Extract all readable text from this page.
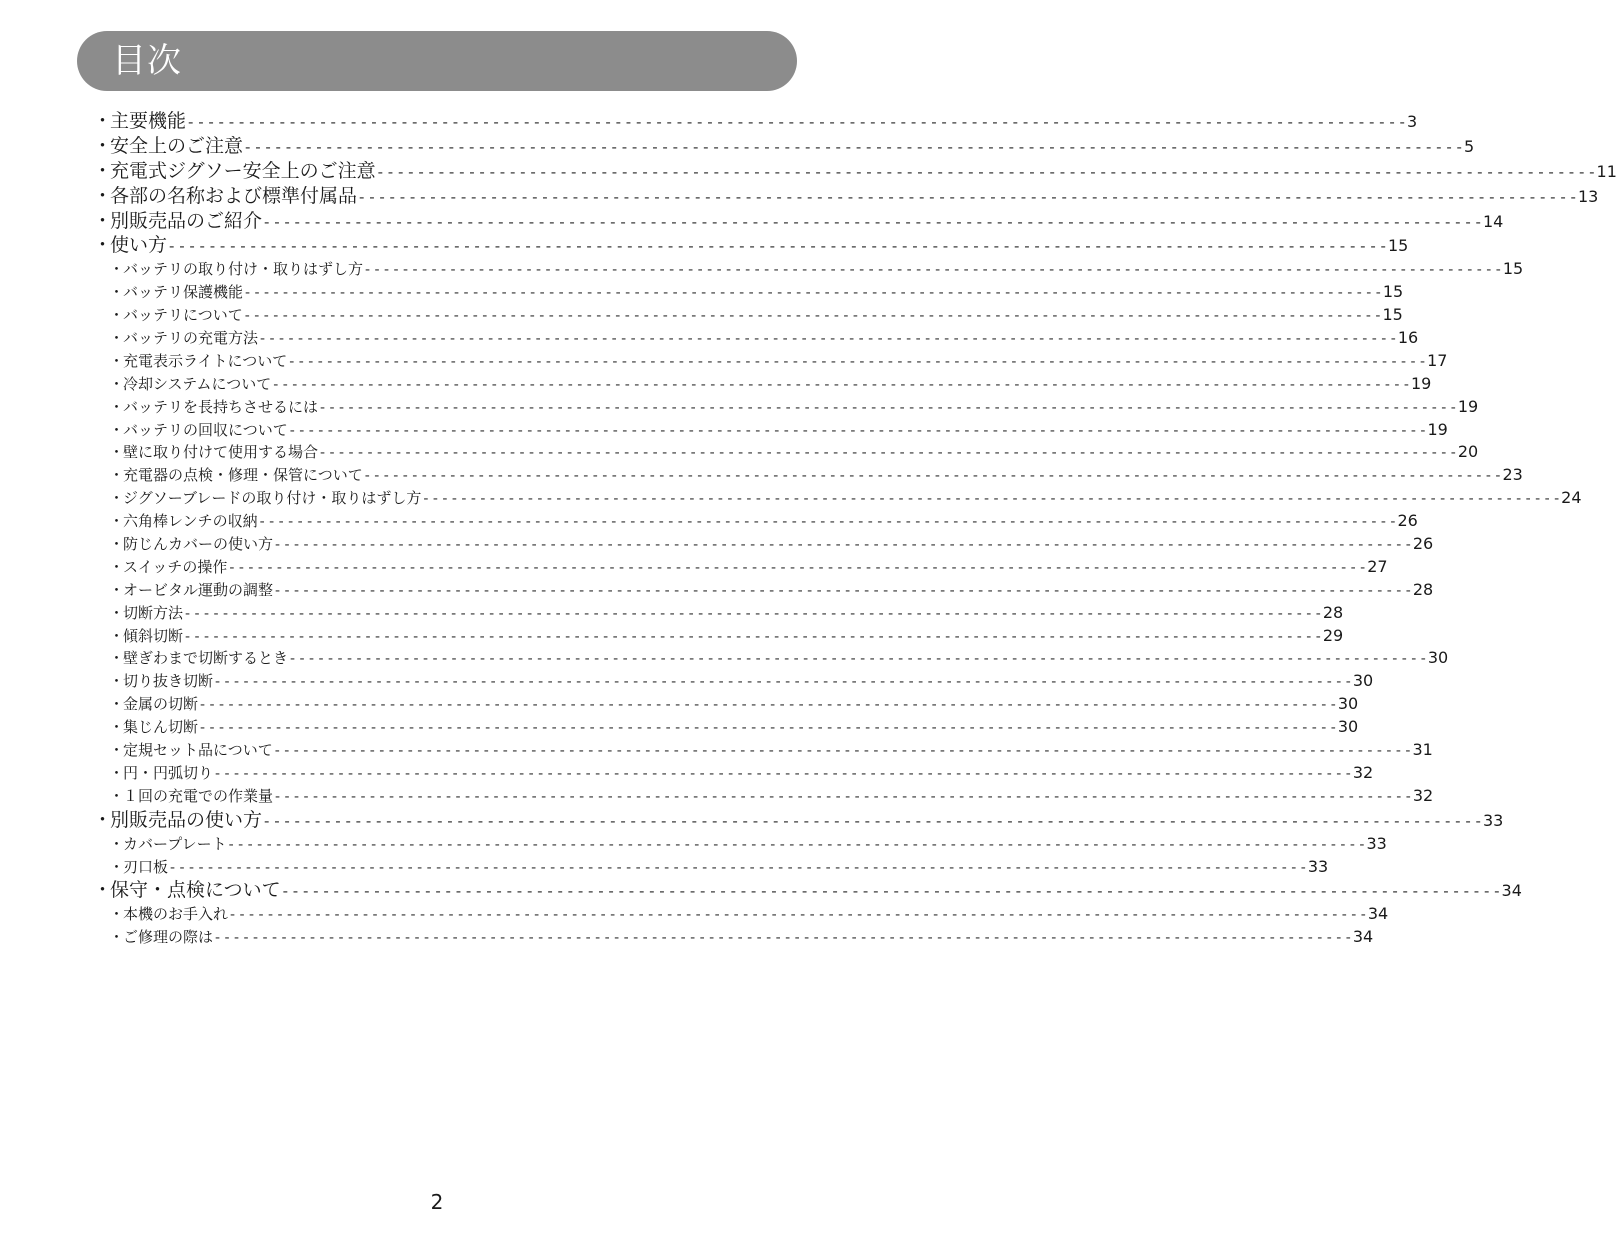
目次
・
主要機能 - - - - - - - - - - - - - - - - - - - - - - - - - - - - - - - - - - - - - - - - - - - - - - - - - - - - - - - - - - - - - - - - - - - - - - - - - - - - - - - - - - - - - - - - - - - - - - - - - - - - - - - - - - - - - - - - - - - - - - - - 3
・
安全上のご注意 - - - - - - - - - - - - - - - - - - - - - - - - - - - - - - - - - - - - - - - - - - - - - - - - - - - - - - - - - - - - - - - - - - - - - - - - - - - - - - - - - - - - - - - - - - - - - - - - - - - - - - - - - - - - - - - - - - - - - - - - 5
・
充電式ジグソー安全上のご注意 - - - - - - - - - - - - - - - - - - - - - - - - - - - - - - - - - - - - - - - - - - - - - - - - - - - - - - - - - - - - - - - - - - - - - - - - - - - - - - - - - - - - - - - - - - - - - - - - - - - - - - - - - - - - - - - - - - - - - - - - 11
・
各部の名称および標準付属品 - - - - - - - - - - - - - - - - - - - - - - - - - - - - - - - - - - - - - - - - - - - - - - - - - - - - - - - - - - - - - - - - - - - - - - - - - - - - - - - - - - - - - - - - - - - - - - - - - - - - - - - - - - - - - - - - - - - - - - - - 13
・
別販売品のご紹介 - - - - - - - - - - - - - - - - - - - - - - - - - - - - - - - - - - - - - - - - - - - - - - - - - - - - - - - - - - - - - - - - - - - - - - - - - - - - - - - - - - - - - - - - - - - - - - - - - - - - - - - - - - - - - - - - - - - - - - - - 14
・
使い方 - - - - - - - - - - - - - - - - - - - - - - - - - - - - - - - - - - - - - - - - - - - - - - - - - - - - - - - - - - - - - - - - - - - - - - - - - - - - - - - - - - - - - - - - - - - - - - - - - - - - - - - - - - - - - - - - - - - - - - - - 15
・
バッテリの取り付け・取りはずし方 - - - - - - - - - - - - - - - - - - - - - - - - - - - - - - - - - - - - - - - - - - - - - - - - - - - - - - - - - - - - - - - - - - - - - - - - - - - - - - - - - - - - - - - - - - - - - - - - - - - - - - - - - - - - - - - - - - - - - - - - 15
・
バッテリ保護機能 - - - - - - - - - - - - - - - - - - - - - - - - - - - - - - - - - - - - - - - - - - - - - - - - - - - - - - - - - - - - - - - - - - - - - - - - - - - - - - - - - - - - - - - - - - - - - - - - - - - - - - - - - - - - - - - - - - - - - - - - 15
・
バッテリについて - - - - - - - - - - - - - - - - - - - - - - - - - - - - - - - - - - - - - - - - - - - - - - - - - - - - - - - - - - - - - - - - - - - - - - - - - - - - - - - - - - - - - - - - - - - - - - - - - - - - - - - - - - - - - - - - - - - - - - - - 15
・
バッテリの充電方法 - - - - - - - - - - - - - - - - - - - - - - - - - - - - - - - - - - - - - - - - - - - - - - - - - - - - - - - - - - - - - - - - - - - - - - - - - - - - - - - - - - - - - - - - - - - - - - - - - - - - - - - - - - - - - - - - - - - - - - - - 16
・
充電表示ライトについて - - - - - - - - - - - - - - - - - - - - - - - - - - - - - - - - - - - - - - - - - - - - - - - - - - - - - - - - - - - - - - - - - - - - - - - - - - - - - - - - - - - - - - - - - - - - - - - - - - - - - - - - - - - - - - - - - - - - - - - - 17
・
冷却システムについて - - - - - - - - - - - - - - - - - - - - - - - - - - - - - - - - - - - - - - - - - - - - - - - - - - - - - - - - - - - - - - - - - - - - - - - - - - - - - - - - - - - - - - - - - - - - - - - - - - - - - - - - - - - - - - - - - - - - - - - - 19
・
バッテリを長持ちさせるには - - - - - - - - - - - - - - - - - - - - - - - - - - - - - - - - - - - - - - - - - - - - - - - - - - - - - - - - - - - - - - - - - - - - - - - - - - - - - - - - - - - - - - - - - - - - - - - - - - - - - - - - - - - - - - - - - - - - - - - - 19
・
バッテリの回収について - - - - - - - - - - - - - - - - - - - - - - - - - - - - - - - - - - - - - - - - - - - - - - - - - - - - - - - - - - - - - - - - - - - - - - - - - - - - - - - - - - - - - - - - - - - - - - - - - - - - - - - - - - - - - - - - - - - - - - - - 19
・
壁に取り付けて使用する場合 - - - - - - - - - - - - - - - - - - - - - - - - - - - - - - - - - - - - - - - - - - - - - - - - - - - - - - - - - - - - - - - - - - - - - - - - - - - - - - - - - - - - - - - - - - - - - - - - - - - - - - - - - - - - - - - - - - - - - - - - 20
・
充電器の点検・修理・保管について - - - - - - - - - - - - - - - - - - - - - - - - - - - - - - - - - - - - - - - - - - - - - - - - - - - - - - - - - - - - - - - - - - - - - - - - - - - - - - - - - - - - - - - - - - - - - - - - - - - - - - - - - - - - - - - - - - - - - - - - 23
・
ジグソーブレードの取り付け・取りはずし方 - - - - - - - - - - - - - - - - - - - - - - - - - - - - - - - - - - - - - - - - - - - - - - - - - - - - - - - - - - - - - - - - - - - - - - - - - - - - - - - - - - - - - - - - - - - - - - - - - - - - - - - - - - - - - - - - - - - - - - - - 24
・
六角棒レンチの収納 - - - - - - - - - - - - - - - - - - - - - - - - - - - - - - - - - - - - - - - - - - - - - - - - - - - - - - - - - - - - - - - - - - - - - - - - - - - - - - - - - - - - - - - - - - - - - - - - - - - - - - - - - - - - - - - - - - - - - - - - 26
・
防じんカバーの使い方 - - - - - - - - - - - - - - - - - - - - - - - - - - - - - - - - - - - - - - - - - - - - - - - - - - - - - - - - - - - - - - - - - - - - - - - - - - - - - - - - - - - - - - - - - - - - - - - - - - - - - - - - - - - - - - - - - - - - - - - - 26
・
スイッチの操作 - - - - - - - - - - - - - - - - - - - - - - - - - - - - - - - - - - - - - - - - - - - - - - - - - - - - - - - - - - - - - - - - - - - - - - - - - - - - - - - - - - - - - - - - - - - - - - - - - - - - - - - - - - - - - - - - - - - - - - - - 27
・
オービタル運動の調整 - - - - - - - - - - - - - - - - - - - - - - - - - - - - - - - - - - - - - - - - - - - - - - - - - - - - - - - - - - - - - - - - - - - - - - - - - - - - - - - - - - - - - - - - - - - - - - - - - - - - - - - - - - - - - - - - - - - - - - - - 28
・
切断方法 - - - - - - - - - - - - - - - - - - - - - - - - - - - - - - - - - - - - - - - - - - - - - - - - - - - - - - - - - - - - - - - - - - - - - - - - - - - - - - - - - - - - - - - - - - - - - - - - - - - - - - - - - - - - - - - - - - - - - - - - 28
・
傾斜切断 - - - - - - - - - - - - - - - - - - - - - - - - - - - - - - - - - - - - - - - - - - - - - - - - - - - - - - - - - - - - - - - - - - - - - - - - - - - - - - - - - - - - - - - - - - - - - - - - - - - - - - - - - - - - - - - - - - - - - - - - 29
・
壁ぎわまで切断するとき - - - - - - - - - - - - - - - - - - - - - - - - - - - - - - - - - - - - - - - - - - - - - - - - - - - - - - - - - - - - - - - - - - - - - - - - - - - - - - - - - - - - - - - - - - - - - - - - - - - - - - - - - - - - - - - - - - - - - - - - 30
・
切り抜き切断 - - - - - - - - - - - - - - - - - - - - - - - - - - - - - - - - - - - - - - - - - - - - - - - - - - - - - - - - - - - - - - - - - - - - - - - - - - - - - - - - - - - - - - - - - - - - - - - - - - - - - - - - - - - - - - - - - - - - - - - - 30
・
金属の切断 - - - - - - - - - - - - - - - - - - - - - - - - - - - - - - - - - - - - - - - - - - - - - - - - - - - - - - - - - - - - - - - - - - - - - - - - - - - - - - - - - - - - - - - - - - - - - - - - - - - - - - - - - - - - - - - - - - - - - - - - 30
・
集じん切断 - - - - - - - - - - - - - - - - - - - - - - - - - - - - - - - - - - - - - - - - - - - - - - - - - - - - - - - - - - - - - - - - - - - - - - - - - - - - - - - - - - - - - - - - - - - - - - - - - - - - - - - - - - - - - - - - - - - - - - - - 30
・
定規セット品について - - - - - - - - - - - - - - - - - - - - - - - - - - - - - - - - - - - - - - - - - - - - - - - - - - - - - - - - - - - - - - - - - - - - - - - - - - - - - - - - - - - - - - - - - - - - - - - - - - - - - - - - - - - - - - - - - - - - - - - - 31
・
円・円弧切り - - - - - - - - - - - - - - - - - - - - - - - - - - - - - - - - - - - - - - - - - - - - - - - - - - - - - - - - - - - - - - - - - - - - - - - - - - - - - - - - - - - - - - - - - - - - - - - - - - - - - - - - - - - - - - - - - - - - - - - - 32
・
１回の充電での作業量 - - - - - - - - - - - - - - - - - - - - - - - - - - - - - - - - - - - - - - - - - - - - - - - - - - - - - - - - - - - - - - - - - - - - - - - - - - - - - - - - - - - - - - - - - - - - - - - - - - - - - - - - - - - - - - - - - - - - - - - - 32
・
別販売品の使い方 - - - - - - - - - - - - - - - - - - - - - - - - - - - - - - - - - - - - - - - - - - - - - - - - - - - - - - - - - - - - - - - - - - - - - - - - - - - - - - - - - - - - - - - - - - - - - - - - - - - - - - - - - - - - - - - - - - - - - - - - 33
・
カバープレート - - - - - - - - - - - - - - - - - - - - - - - - - - - - - - - - - - - - - - - - - - - - - - - - - - - - - - - - - - - - - - - - - - - - - - - - - - - - - - - - - - - - - - - - - - - - - - - - - - - - - - - - - - - - - - - - - - - - - - - - 33
・
刃口板 - - - - - - - - - - - - - - - - - - - - - - - - - - - - - - - - - - - - - - - - - - - - - - - - - - - - - - - - - - - - - - - - - - - - - - - - - - - - - - - - - - - - - - - - - - - - - - - - - - - - - - - - - - - - - - - - - - - - - - - - 33
・
保守・点検について - - - - - - - - - - - - - - - - - - - - - - - - - - - - - - - - - - - - - - - - - - - - - - - - - - - - - - - - - - - - - - - - - - - - - - - - - - - - - - - - - - - - - - - - - - - - - - - - - - - - - - - - - - - - - - - - - - - - - - - - 34
・
本機のお手入れ - - - - - - - - - - - - - - - - - - - - - - - - - - - - - - - - - - - - - - - - - - - - - - - - - - - - - - - - - - - - - - - - - - - - - - - - - - - - - - - - - - - - - - - - - - - - - - - - - - - - - - - - - - - - - - - - - - - - - - - - 34
・
ご修理の際は - - - - - - - - - - - - - - - - - - - - - - - - - - - - - - - - - - - - - - - - - - - - - - - - - - - - - - - - - - - - - - - - - - - - - - - - - - - - - - - - - - - - - - - - - - - - - - - - - - - - - - - - - - - - - - - - - - - - - - - - 34
2
